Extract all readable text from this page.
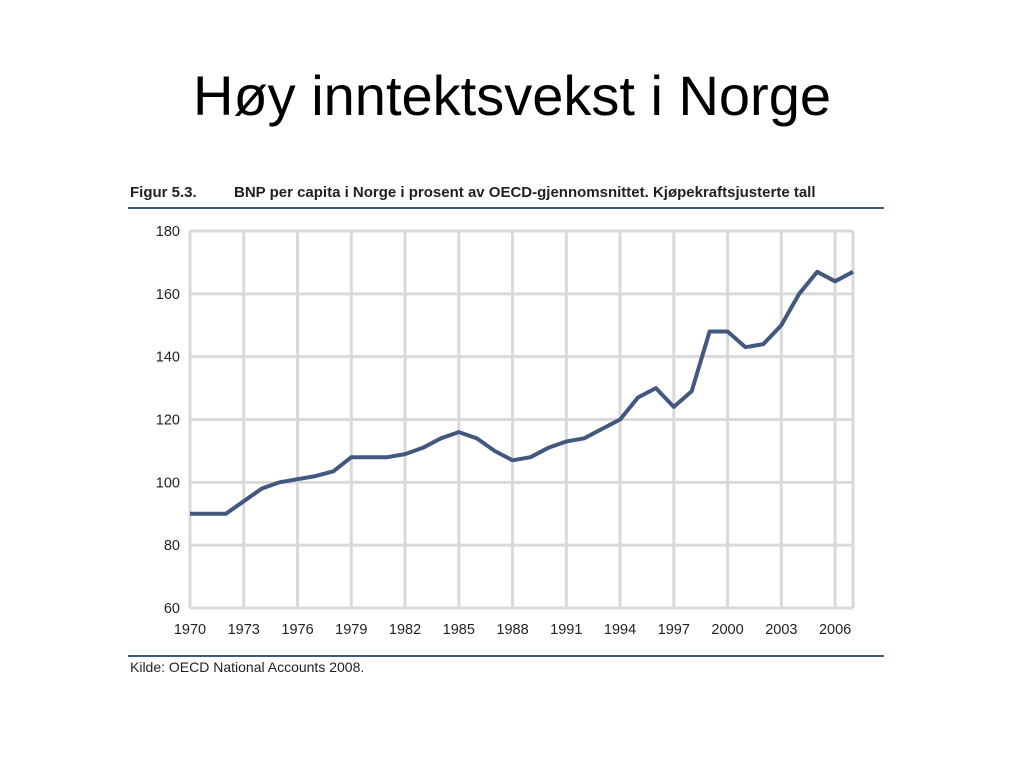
Høy inntektsvekst i Norge
Figur 5.3. BNP per capita i Norge i prosent av OECD-gjennomsnittet. Kjøpekraftsjusterte tall
60
80
100
120
140
160
180
1970 1973 1976 1979 1982 1985 1988 1991 1994 1997 2000 2003 2006
Kilde: OECD National Accounts 2008.
